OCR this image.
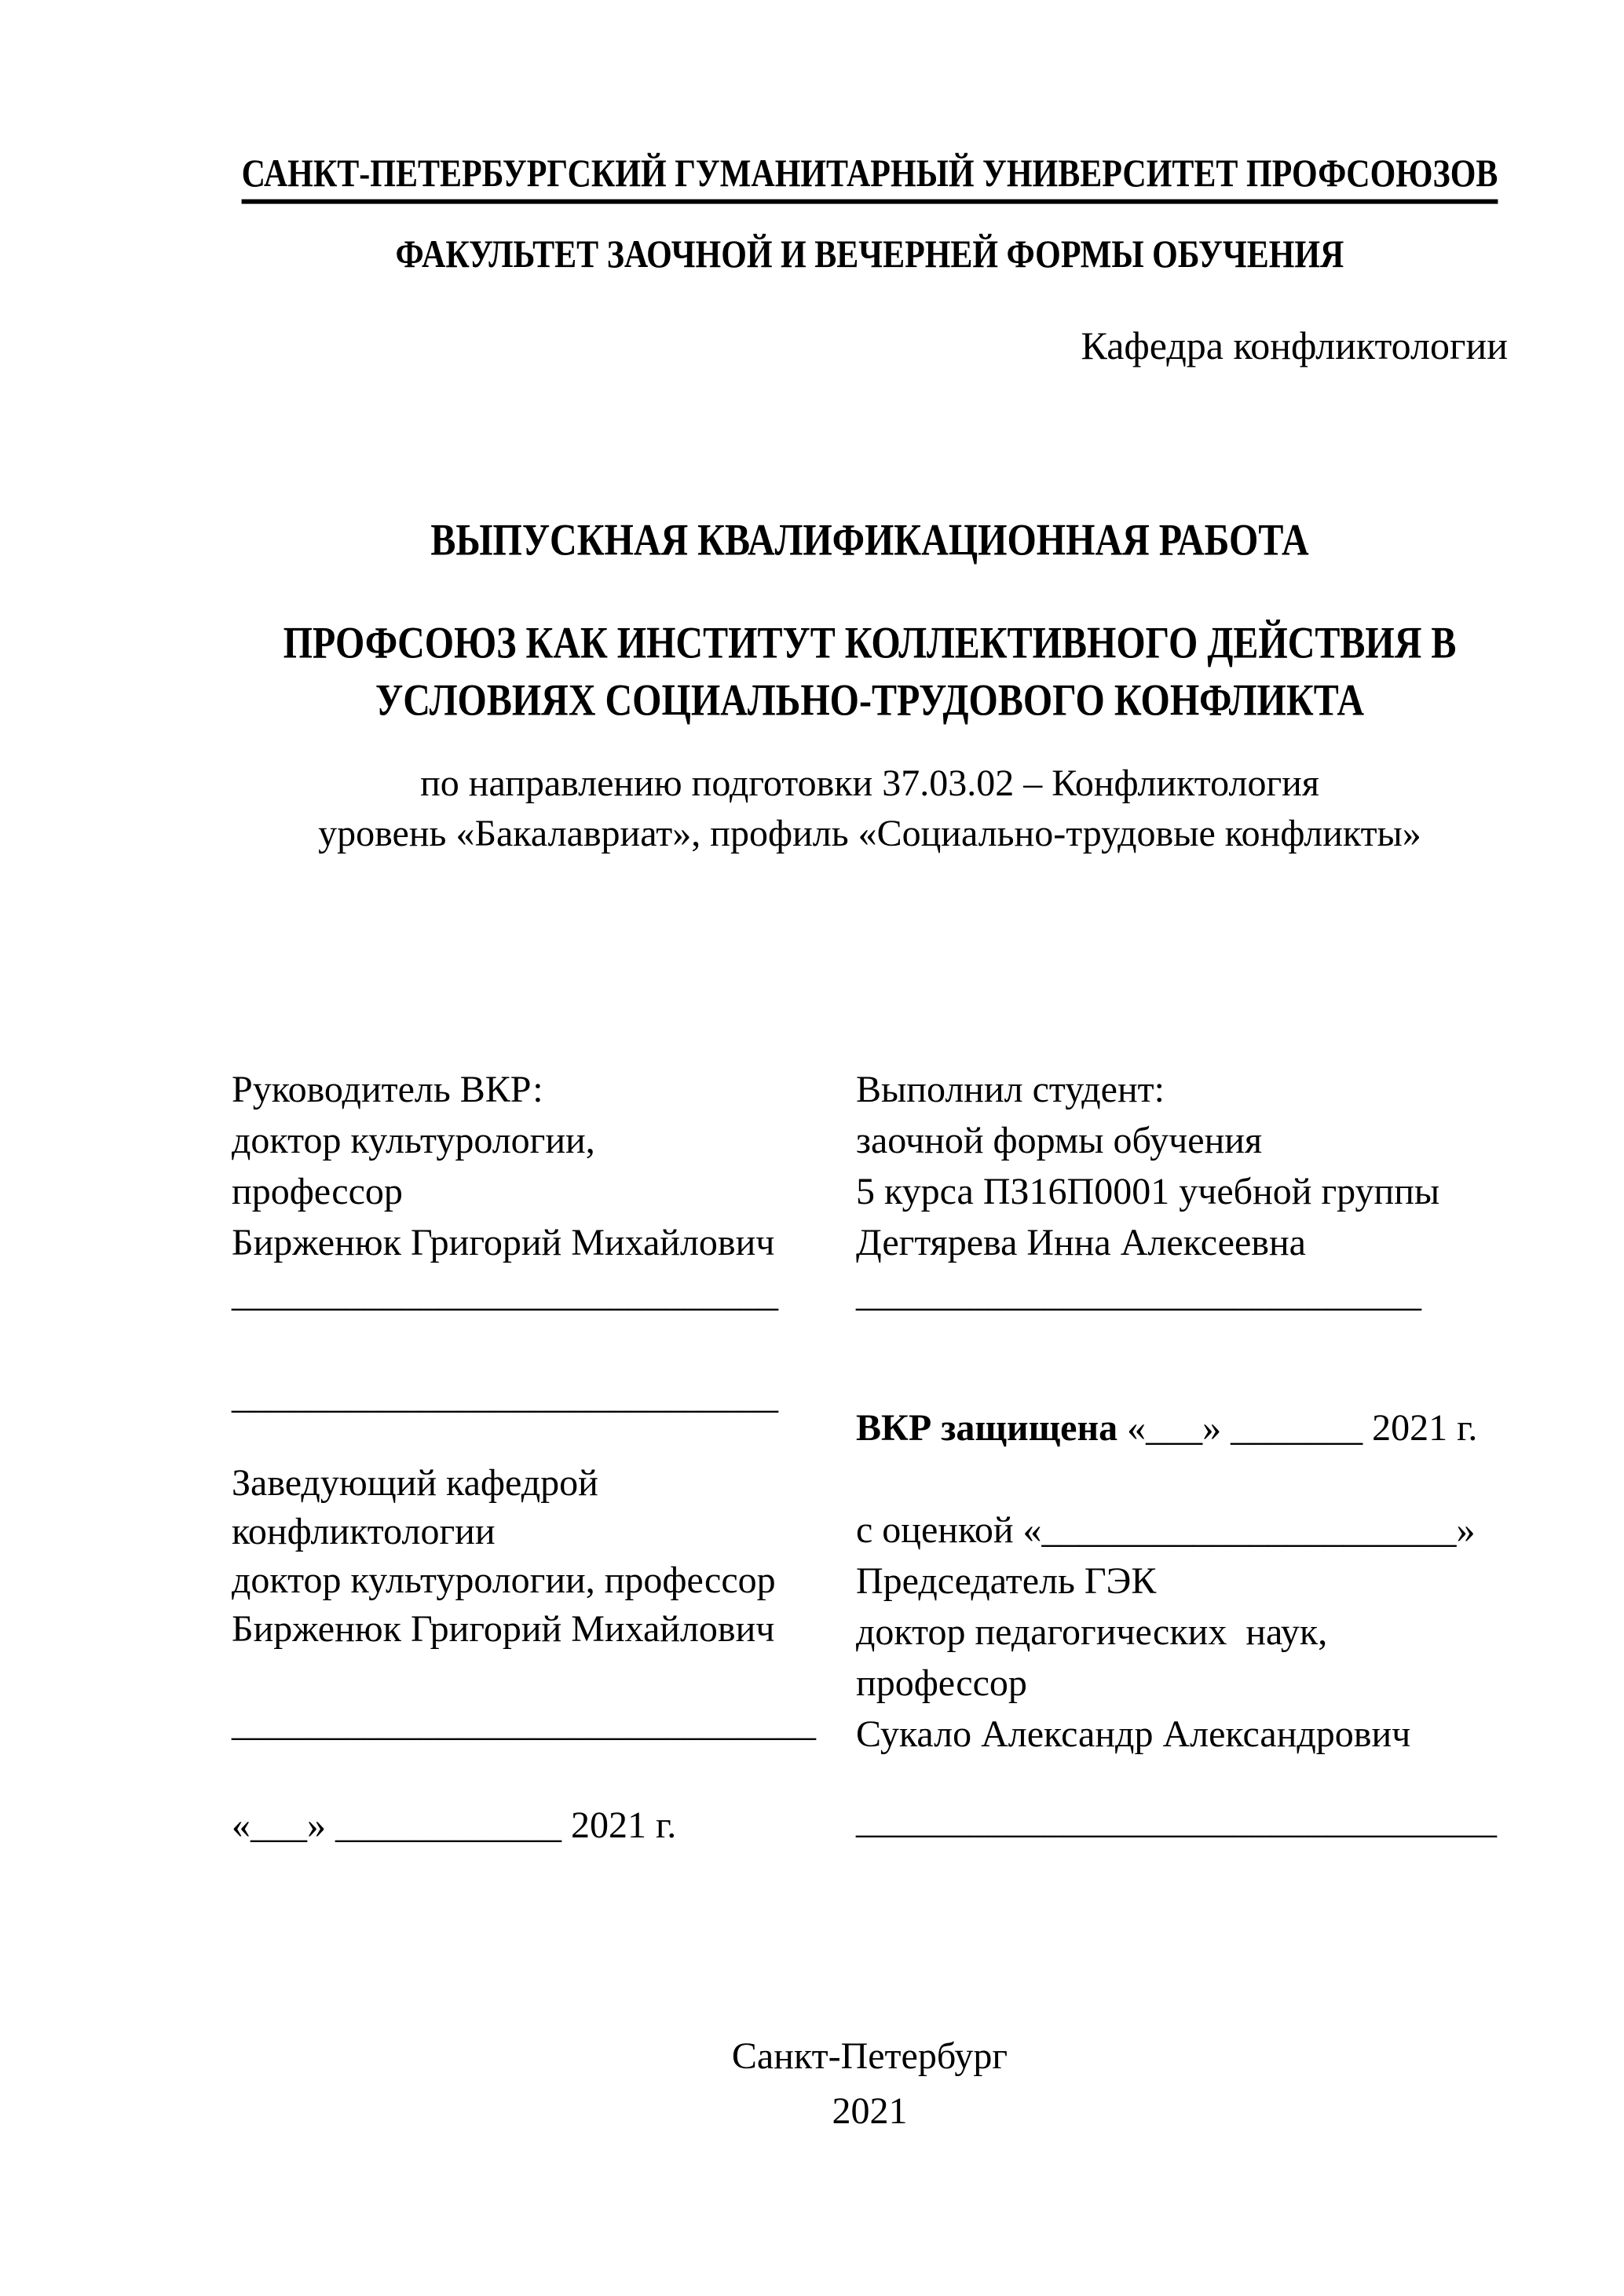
САНКТ-ПЕТЕРБУРГСКИЙ ГУМАНИТАРНЫЙ УНИВЕРСИТЕТ ПРОФСОЮЗОВ
ФАКУЛЬТЕТ ЗАОЧНОЙ И ВЕЧЕРНЕЙ ФОРМЫ ОБУЧЕНИЯ
Кафедра конфликтологии
ВЫПУСКНАЯ КВАЛИФИКАЦИОННАЯ РАБОТА
ПРОФСОЮЗ КАК ИНСТИТУТ КОЛЛЕКТИВНОГО ДЕЙСТВИЯ В
УСЛОВИЯХ СОЦИАЛЬНО-ТРУДОВОГО КОНФЛИКТА
по направлению подготовки 37.03.02 – Конфликтология
уровень «Бакалавриат», профиль «Социально-трудовые конфликты»
Руководитель ВКР:
доктор культурологии,
профессор
Бирженюк Григорий Михайлович
_____________________________
_____________________________
Заведующий кафедрой
конфликтологии
доктор культурологии, профессор
Бирженюк Григорий Михайлович
_______________________________
«___» ____________ 2021 г.
Выполнил студент:
заочной формы обучения
5 курса ПЗ16П0001 учебной группы
Дегтярева Инна Алексеевна
______________________________
ВКР защищена «___» _______ 2021 г.
с оценкой «______________________»
Председатель ГЭК
доктор педагогических  наук,
профессор
Сукало Александр Александрович
__________________________________
Санкт-Петербург
2021
